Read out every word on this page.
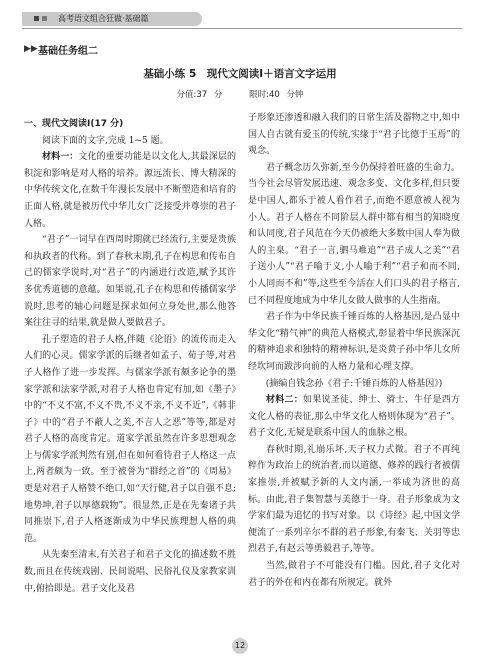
高考语文组合狂做·基础篇
▶▶ 基础任务组二
基础小练 5　现代文阅读Ⅰ＋语言文字运用
分值:37 分	限时:40 分钟

一、现代文阅读Ⅰ(17 分)

阅读下面的文字,完成 1~5 题。

材料一：文化的重要功能是以文化人,其最深层的积淀和影响是对人格的培养。源远流长、博大精深的中华传统文化,在数千年漫长发展中不断塑造和培育的正面人格,就是被历代中华儿女广泛接受并尊崇的君子人格。

“君子”一词早在西周时期就已经流行,主要是贵族和执政者的代称。到了春秋末期,孔子在构思和传布自己的儒家学说时,对“君子”的内涵进行改造,赋予其许多优秀道德的意蕴。如果说,孔子在构思和传播儒家学说时,思考的轴心问题是探求如何立身处世,那么他答案往往寻的结果,就是做人要做君子。

孔子塑造的君子人格,伴随《论语》的流传而走入人们的心灵。儒家学派的后继者如孟子、荀子等,对君子人格作了进一步发挥。与儒家学派有颇多论争的墨家学派和法家学派,对君子人格也肯定有加,如《墨子》中的“不义不富,不义不贵,不义不亲,不义不近”,《韩非子》中的“君子不蔽人之美,不言人之恶”等等,都是对君子人格的高度肯定。道家学派虽然在许多思想观念上与儒家学派判然有别,但在如何看待君子人格这一点上,两者颇为一致。至于被誉为“群经之首”的《周易》更是对君子人格赞不绝口,如“天行健,君子以自强不息;地势坤,君子以厚德载物”。很显然,正是在先秦诸子共同推崇下,君子人格逐渐成为中华民族理想人格的典范。

从先秦至清末,有关君子和君子文化的描述数不胜数,而且在传统戏剧、民间说唱、民俗礼仪及家教家训中,俯拾即是。君子文化及君

子形象还渗透和融入我们的日常生活及器物之中,如中国人自古就有爱玉的传统,实缘于“君子比德于玉焉”的观念。

君子概念历久弥新,至今仍保持着旺盛的生命力。当今社会尽管发展迅速、观念多变、文化多样,但只要是中国人,都乐于被人看作君子,而绝不愿意被人视为小人。君子人格在不同阶层人群中都有相当的知晓度和认同度,君子风范在今天仍被绝大多数中国人奉为做人的主臬。“君子一言,驷马难追”“君子成人之美”“君子送小人”“君子喻于义,小人喻于利”“君子和而不同,小人同而不和”等,这些至今活在人们口头的君子格言,已不同程度地成为中华儿女做人做事的人生指南。

君子作为中华民族千锤百炼的人格基因,是凸显中华文化“精气神”的典范人格模式,彰显着中华民族深沉的精神追求和独特的精神标识,是炎黄子孙中华儿女所经坎坷而跋涉向前的人格力量和心理支撑。

(摘编自钱念孙《君子:千锤百炼的人格基因》)

材料二：如果说圣徒、绅士、骑士、牛仔是西方文化人格的表征,那么中华文化人格则体现为“君子”。君子文化,无疑是联系中国人的血脉之根。

春秋时期,礼崩乐坏,天子权力式微。君子不再纯粹作为政治上的统治者,而以道德、修养的践行者被儒家推崇,并被赋予新的人文内涵,一举成为济世的高标。由此,君子集智慧与美德于一身。君子形象成为文学家们最为追忆的书写对象。以《诗经》起,中国文学便流了一系列辛尔不群的君子形象,有秦飞、关羽等忠烈君子,有赵云等勇毅君子,等等。

当然,做君子不可能没有门槛。因此,君子文化对君子的外在和内在都有所规定。就外

12
